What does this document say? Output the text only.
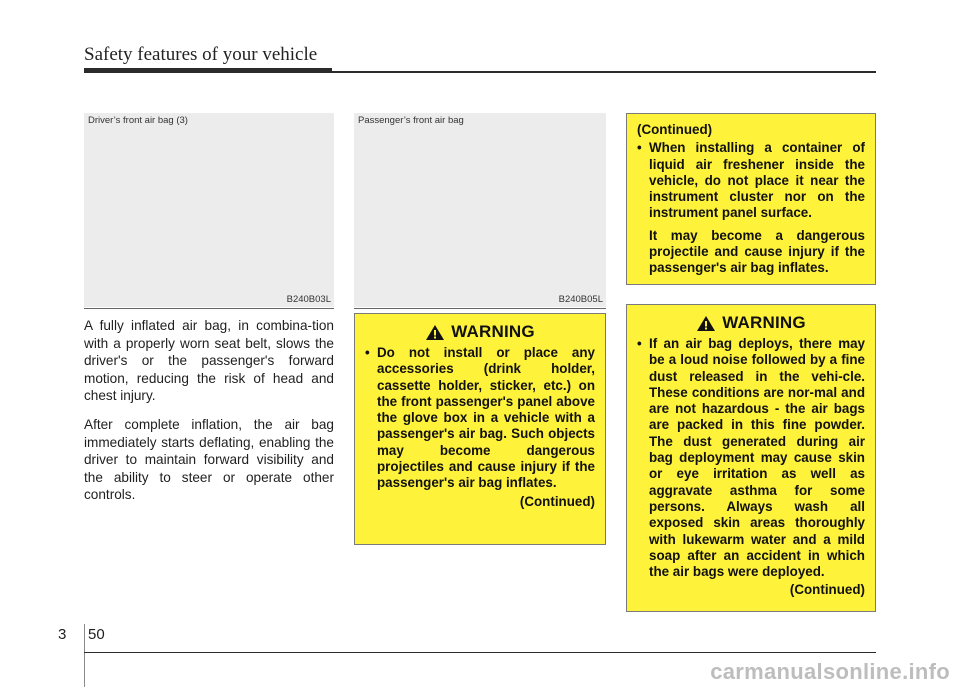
Safety features of your vehicle
Driver’s front air bag (3)
B240B03L
Passenger’s front air bag
B240B05L

A fully inflated air bag, in combina-tion with a properly worn seat belt, slows the driver's or the passenger's forward motion, reducing the risk of head and chest injury.

After complete inflation, the air bag immediately starts deflating, enabling the driver to maintain forward visibility and the ability to steer or operate other controls.

WARNING
• Do not install or place any accessories (drink holder, cassette holder, sticker, etc.) on the front passenger's panel above the glove box in a vehicle with a passenger's air bag. Such objects may become dangerous projectiles and cause injury if the passenger's air bag inflates.
(Continued)
(Continued)
• When installing a container of liquid air freshener inside the vehicle, do not place it near the instrument cluster nor on the instrument panel surface.
It may become a dangerous projectile and cause injury if the passenger's air bag inflates.
WARNING
• If an air bag deploys, there may be a loud noise followed by a fine dust released in the vehi-cle. These conditions are nor-mal and are not hazardous - the air bags are packed in this fine powder. The dust generated during air bag deployment may cause skin or eye irritation as well as aggravate asthma for some persons. Always wash all exposed skin areas thoroughly with lukewarm water and a mild soap after an accident in which the air bags were deployed.
(Continued)
3 50
carmanualsonline.info
